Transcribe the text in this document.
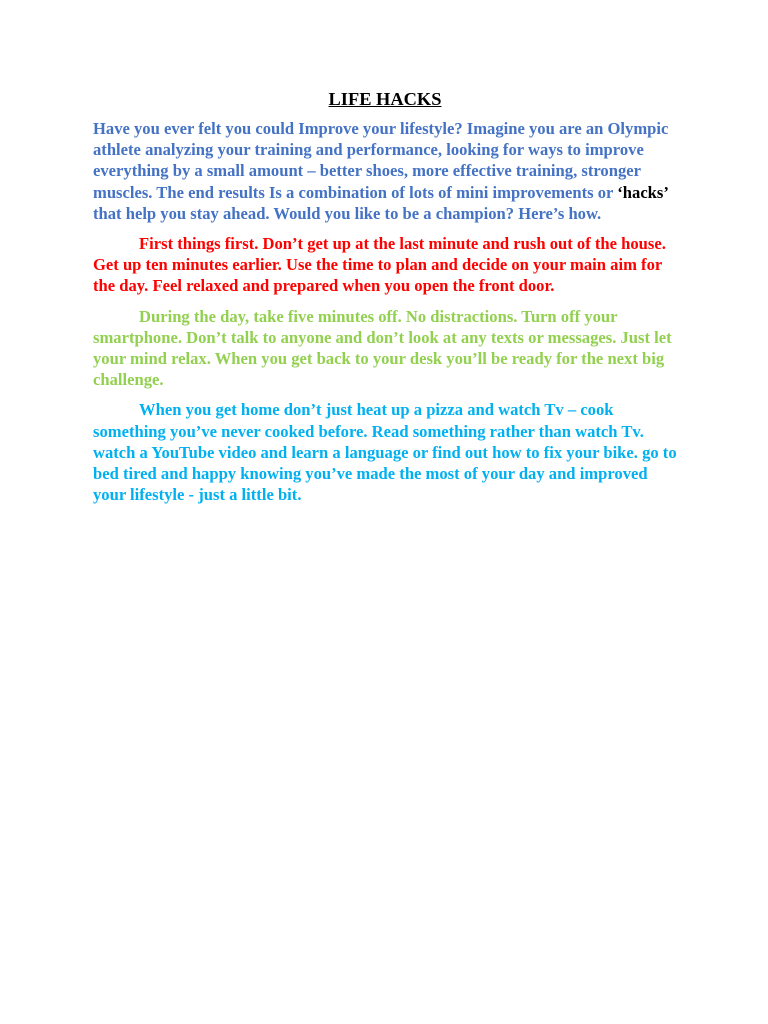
LIFE HACKS

Have you ever felt you could Improve your lifestyle? Imagine you are an Olympic athlete analyzing your training and performance, looking for ways to improve everything by a small amount – better shoes, more effective training, stronger muscles. The end results Is a combination of lots of mini improvements or ‘hacks’ that help you stay ahead. Would you like to be a champion? Here’s how.

First things first. Don’t get up at the last minute and rush out of the house. Get up ten minutes earlier. Use the time to plan and decide on your main aim for the day. Feel relaxed and prepared when you open the front door.

During the day, take five minutes off. No distractions. Turn off your smartphone. Don’t talk to anyone and don’t look at any texts or messages. Just let your mind relax. When you get back to your desk you’ll be ready for the next big challenge.

When you get home don’t just heat up a pizza and watch Tv – cook something you’ve never cooked before. Read something rather than watch Tv. watch a YouTube video and learn a language or find out how to fix your bike. go to bed tired and happy knowing you’ve made the most of your day and improved your lifestyle - just a little bit.
